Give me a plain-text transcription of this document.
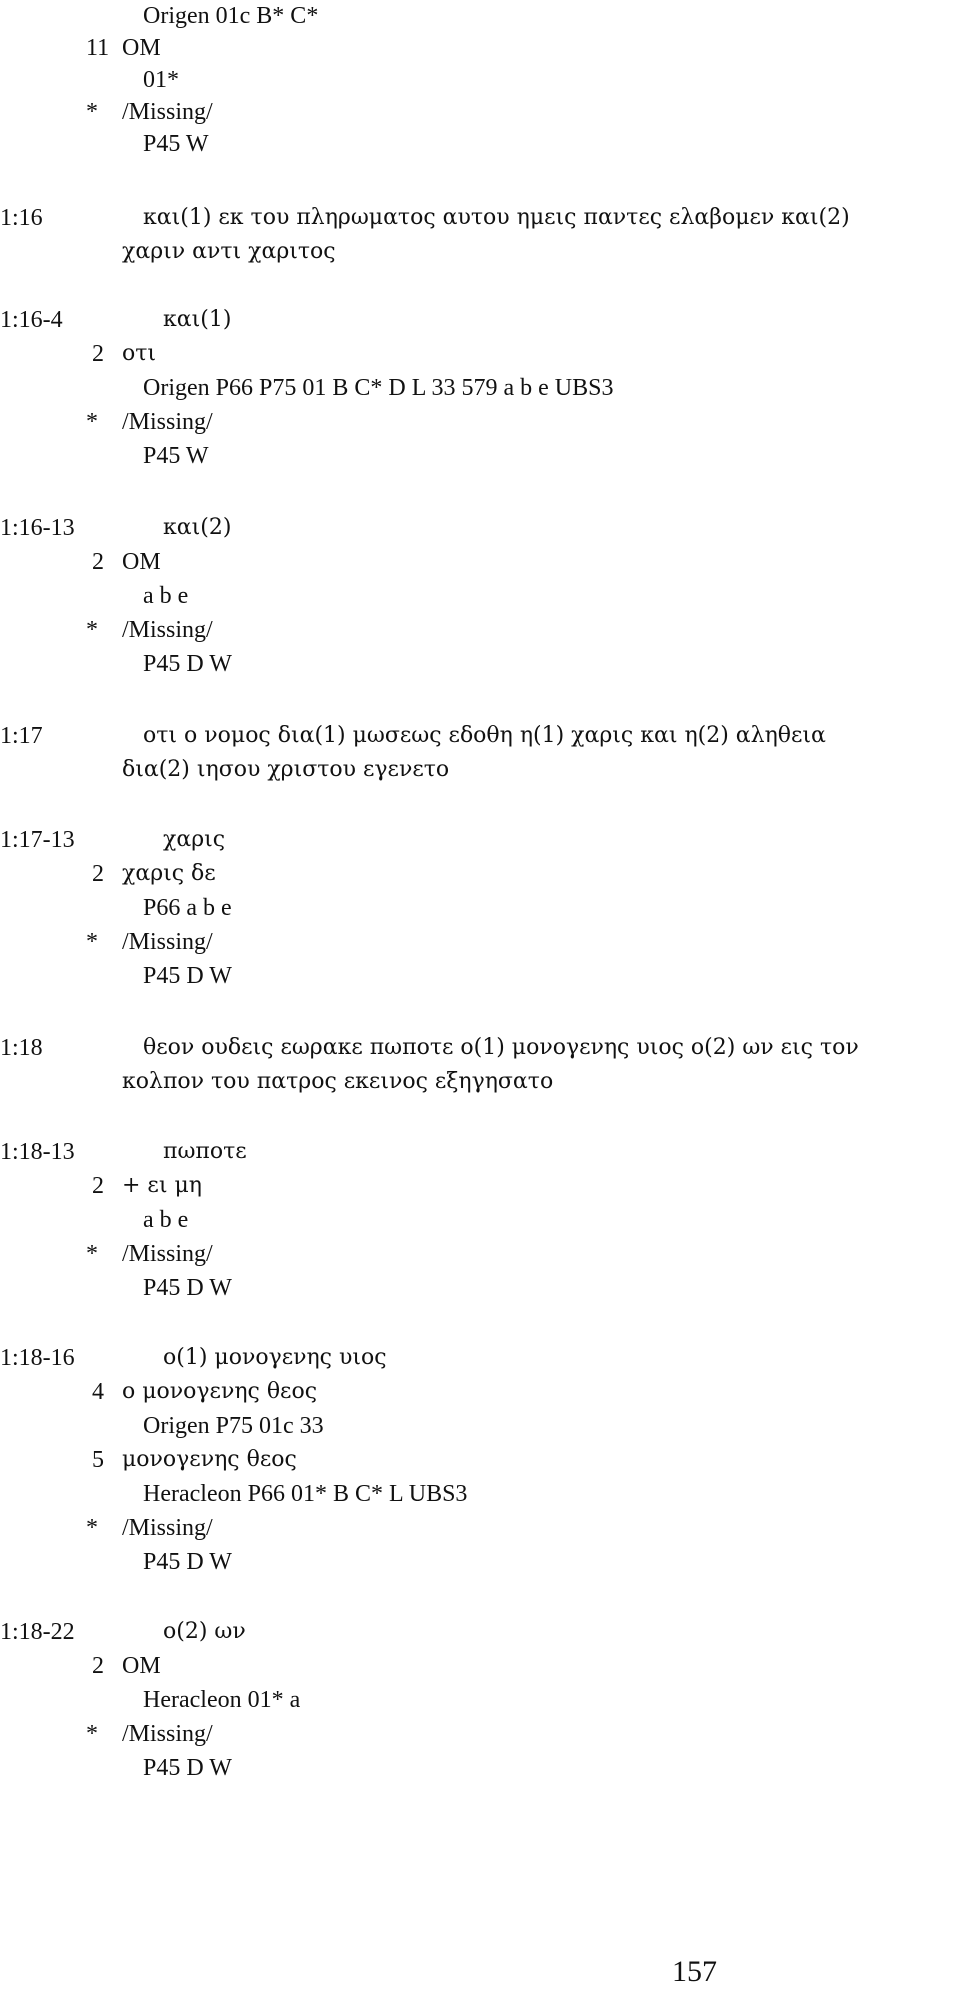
Origen 01c B* C*
11 OM
01*
* /Missing/
P45 W
1:16	και(1) εκ του πληρωματος αυτου ημεις παντες ελαβομεν και(2)
χαριν αντι χαριτος
1:16-4	και(1)
2 οτι
Origen P66 P75 01 B C* D L 33 579 a b e UBS3
* /Missing/
P45 W
1:16-13	και(2)
2 OM
a b e
* /Missing/
P45 D W
1:17	οτι ο νομος δια(1) μωσεως εδοθη η(1) χαρις και η(2) αληθεια
δια(2) ιησου χριστου εγενετο
1:17-13	χαρις
2 χαρις δε
P66 a b e
* /Missing/
P45 D W
1:18	θεον ουδεις εωρακε πωποτε ο(1) μονογενης υιος ο(2) ων εις τον
κολπον του πατρος εκεινος εξηγησατο
1:18-13	πωποτε
2 + ει μη
a b e
* /Missing/
P45 D W
1:18-16	ο(1) μονογενης υιος
4 ο μονογενης θεος
Origen P75 01c 33
5 μονογενης θεος
Heracleon P66 01* B C* L UBS3
* /Missing/
P45 D W
1:18-22	ο(2) ων
2 OM
Heracleon 01* a
* /Missing/
P45 D W
157
